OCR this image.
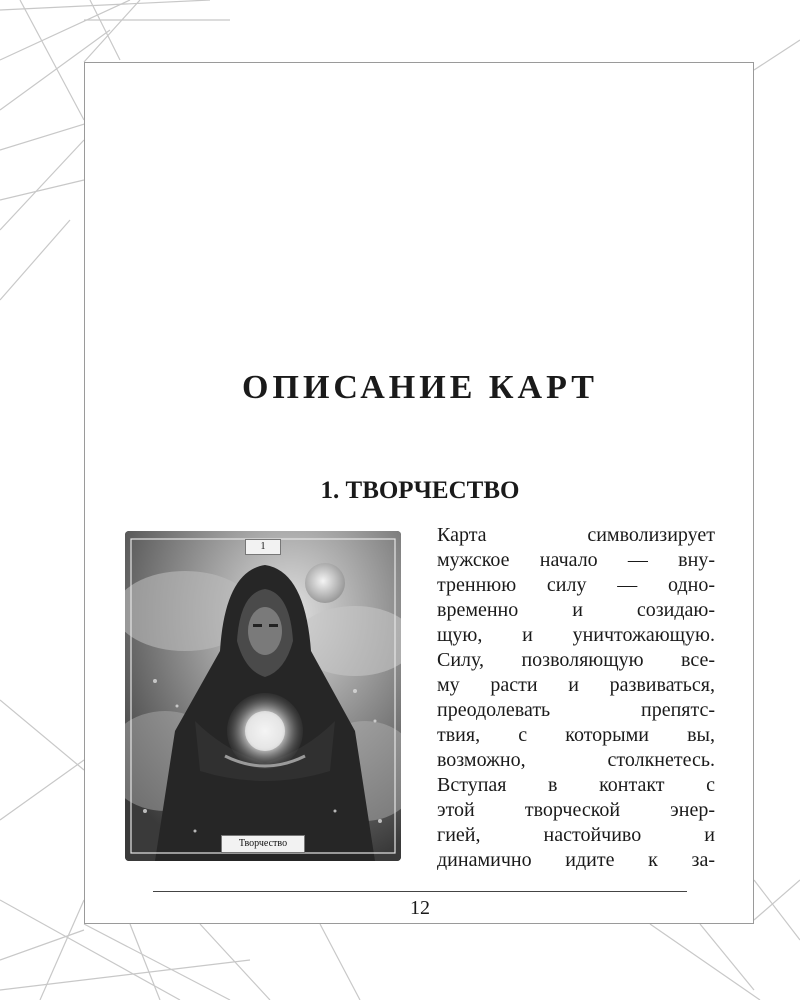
ОПИСАНИЕ КАРТ
1. ТВОРЧЕСТВО
1
Творчество
Карта символизирует
мужское начало — вну-
треннюю силу — одно-
временно и созидаю-
щую, и уничтожающую.
Силу, позволяющую все-
му расти и развиваться,
преодолевать препятс-
твия, с которыми вы,
возможно, столкнетесь.
Вступая в контакт с
этой творческой энер-
гией, настойчиво и
динамично идите к за-
12
